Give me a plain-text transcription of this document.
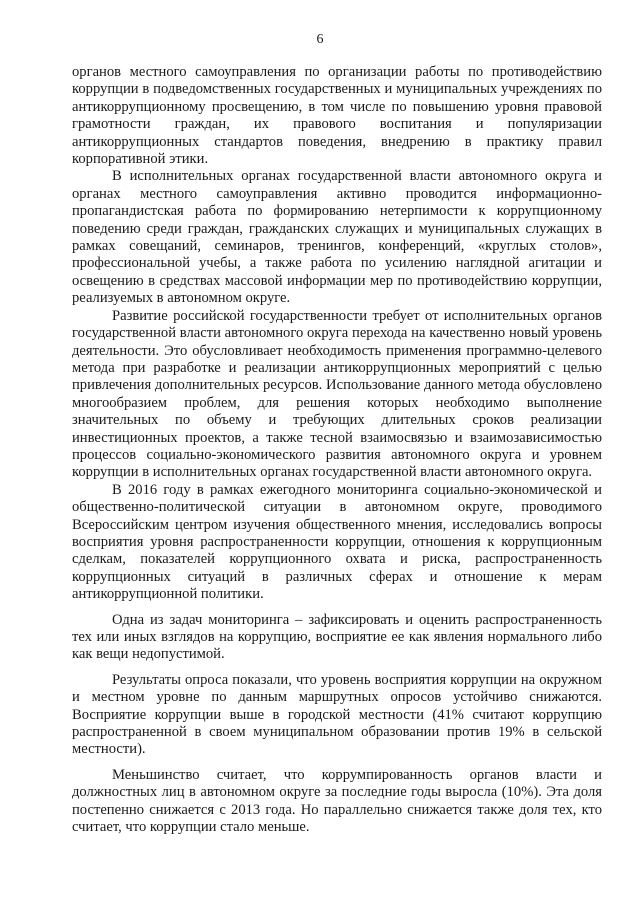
6

органов местного самоуправления по организации работы по противодействию коррупции в подведомственных государственных и муниципальных учреждениях по антикоррупционному просвещению, в том числе по повышению уровня правовой грамотности граждан, их правового воспитания и популяризации антикоррупционных стандартов поведения, внедрению в практику правил корпоративной этики.

В исполнительных органах государственной власти автономного округа и органах местного самоуправления активно проводится информационно-пропагандистская работа по формированию нетерпимости к коррупционному поведению среди граждан, гражданских служащих и муниципальных служащих в рамках совещаний, семинаров, тренингов, конференций, «круглых столов», профессиональной учебы, а также работа по усилению наглядной агитации и освещению в средствах массовой информации мер по противодействию коррупции, реализуемых в автономном округе.

Развитие российской государственности требует от исполнительных органов государственной власти автономного округа перехода на качественно новый уровень деятельности. Это обусловливает необходимость применения программно-целевого метода при разработке и реализации антикоррупционных мероприятий с целью привлечения дополнительных ресурсов. Использование данного метода обусловлено многообразием проблем, для решения которых необходимо выполнение значительных по объему и требующих длительных сроков реализации инвестиционных проектов, а также тесной взаимосвязью и взаимозависимостью процессов социально-экономического развития автономного округа и уровнем коррупции в исполнительных органах государственной власти автономного округа.

В 2016 году в рамках ежегодного мониторинга социально-экономической и общественно-политической ситуации в автономном округе, проводимого Всероссийским центром изучения общественного мнения, исследовались вопросы восприятия уровня распространенности коррупции, отношения к коррупционным сделкам, показателей коррупционного охвата и риска, распространенность коррупционных ситуаций в различных сферах и отношение к мерам антикоррупционной политики.

Одна из задач мониторинга – зафиксировать и оценить распространенность тех или иных взглядов на коррупцию, восприятие ее как явления нормального либо как вещи недопустимой.

Результаты опроса показали, что уровень восприятия коррупции на окружном и местном уровне по данным маршрутных опросов устойчиво снижаются. Восприятие коррупции выше в городской местности (41% считают коррупцию распространенной в своем муниципальном образовании против 19% в сельской местности).

Меньшинство считает, что коррумпированность органов власти и должностных лиц в автономном округе за последние годы выросла (10%). Эта доля постепенно снижается с 2013 года. Но параллельно снижается также доля тех, кто считает, что коррупции стало меньше.
